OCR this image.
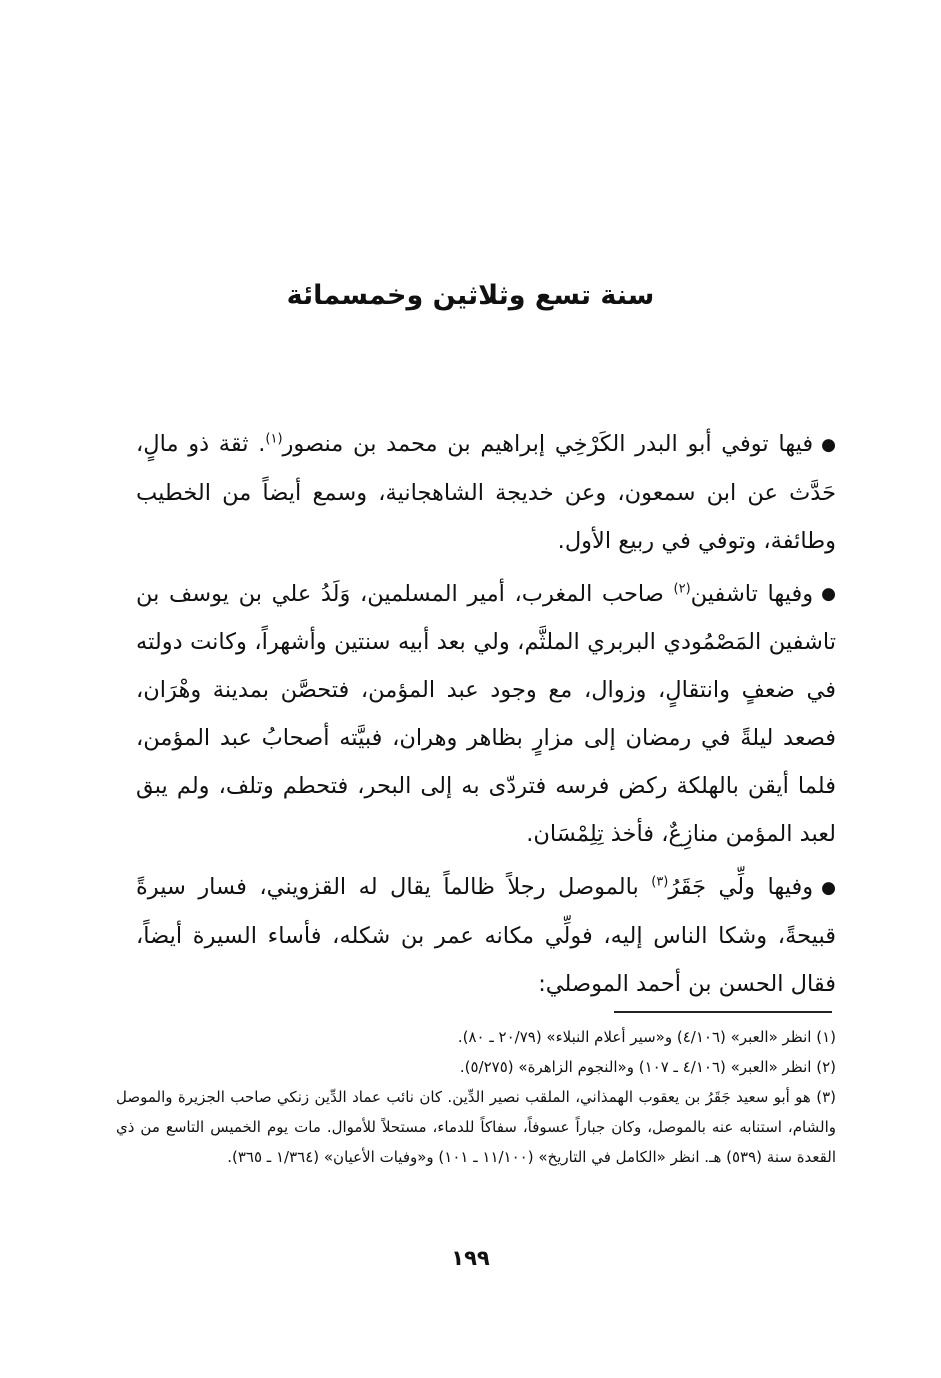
سنة تسع وثلاثين وخمسمائة

●فيها توفي أبو البدر الكَرْخِي إبراهيم بن محمد بن منصور$^{(١)}$. ثقة ذو مالٍ، حَدَّث عن ابن سمعون، وعن خديجة الشاهجانية، وسمع أيضاً من الخطيب وطائفة، وتوفي في ربيع الأول.

●وفيها تاشفين$^{(٢)}$ صاحب المغرب، أمير المسلمين، وَلَدُ علي بن يوسف بن تاشفين المَصْمُودي البربري الملثَّم، ولي بعد أبيه سنتين وأشهراً، وكانت دولته في ضعفٍ وانتقالٍ، وزوال، مع وجود عبد المؤمن، فتحصَّن بمدينة وهْرَان، فصعد ليلةً في رمضان إلى مزارٍ بظاهر وهران، فبيَّته أصحابُ عبد المؤمن، فلما أيقن بالهلكة ركض فرسه فتردّى به إلى البحر، فتحطم وتلف، ولم يبق لعبد المؤمن منازِعٌ، فأخذ تِلِمْسَان.

●وفيها ولِّي جَقَرُ$^{(٣)}$ بالموصل رجلاً ظالماً يقال له القزويني، فسار سيرةً قبيحةً، وشكا الناس إليه، فولِّي مكانه عمر بن شكله، فأساء السيرة أيضاً، فقال الحسن بن أحمد الموصلي:

(١) انظر «العبر» (٤/١٠٦) و«سير أعلام النبلاء» (٢٠/٧٩ ـ ٨٠).

(٢) انظر «العبر» (٤/١٠٦ ـ ١٠٧) و«النجوم الزاهرة» (٥/٢٧٥).

(٣) هو أبو سعيد جَقَرُ بن يعقوب الهمذاني، الملقب نصير الدِّين. كان نائب عماد الدِّين زنكي صاحب الجزيرة والموصل والشام، استنابه عنه بالموصل، وكان جباراً عسوفاً، سفاكاً للدماء، مستحلاً للأموال. مات يوم الخميس التاسع من ذي القعدة سنة (٥٣٩) هـ. انظر «الكامل في التاريخ» (١١/١٠٠ ـ ١٠١) و«وفيات الأعيان» (١/٣٦٤ ـ ٣٦٥).

١٩٩
